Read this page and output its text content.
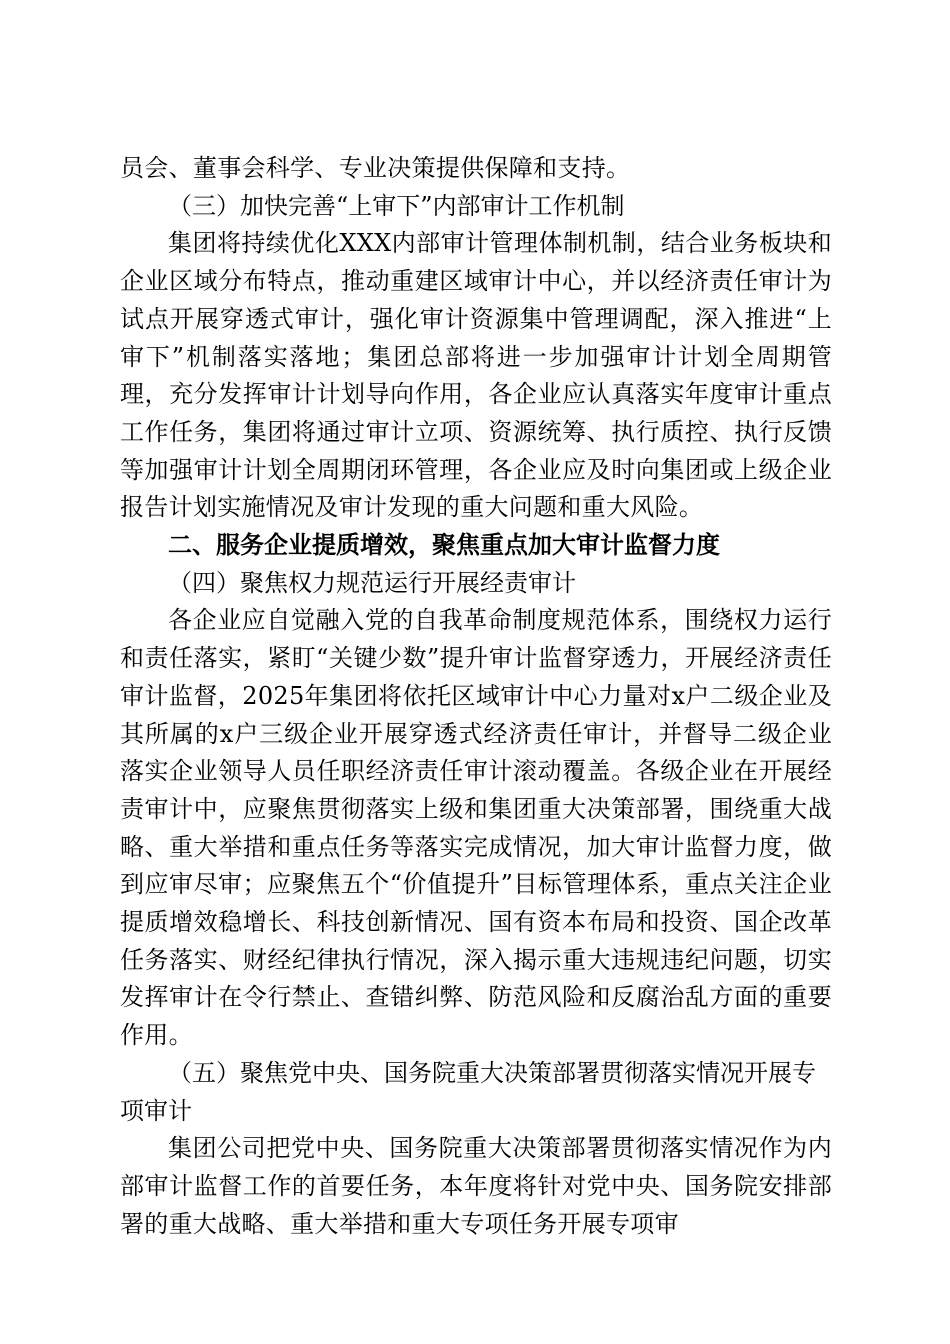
员会、董事会科学、专业决策提供保障和支持。

（三）加快完善“上审下”内部审计工作机制

集团将持续优化XXX内部审计管理体制机制，结合业务板块和企业区域分布特点，推动重建区域审计中心，并以经济责任审计为试点开展穿透式审计，强化审计资源集中管理调配，深入推进“上审下”机制落实落地；集团总部将进一步加强审计计划全周期管理，充分发挥审计计划导向作用，各企业应认真落实年度审计重点工作任务，集团将通过审计立项、资源统筹、执行质控、执行反馈等加强审计计划全周期闭环管理，各企业应及时向集团或上级企业报告计划实施情况及审计发现的重大问题和重大风险。

二、服务企业提质增效，聚焦重点加大审计监督力度

（四）聚焦权力规范运行开展经责审计

各企业应自觉融入党的自我革命制度规范体系，围绕权力运行和责任落实，紧盯“关键少数”提升审计监督穿透力，开展经济责任审计监督，2025年集团将依托区域审计中心力量对x户二级企业及其所属的x户三级企业开展穿透式经济责任审计，并督导二级企业落实企业领导人员任职经济责任审计滚动覆盖。各级企业在开展经责审计中，应聚焦贯彻落实上级和集团重大决策部署，围绕重大战略、重大举措和重点任务等落实完成情况，加大审计监督力度，做到应审尽审；应聚焦五个“价值提升”目标管理体系，重点关注企业提质增效稳增长、科技创新情况、国有资本布局和投资、国企改革任务落实、财经纪律执行情况，深入揭示重大违规违纪问题，切实发挥审计在令行禁止、查错纠弊、防范风险和反腐治乱方面的重要作用。

（五）聚焦党中央、国务院重大决策部署贯彻落实情况开展专项审计

集团公司把党中央、国务院重大决策部署贯彻落实情况作为内部审计监督工作的首要任务，本年度将针对党中央、国务院安排部署的重大战略、重大举措和重大专项任务开展专项审
